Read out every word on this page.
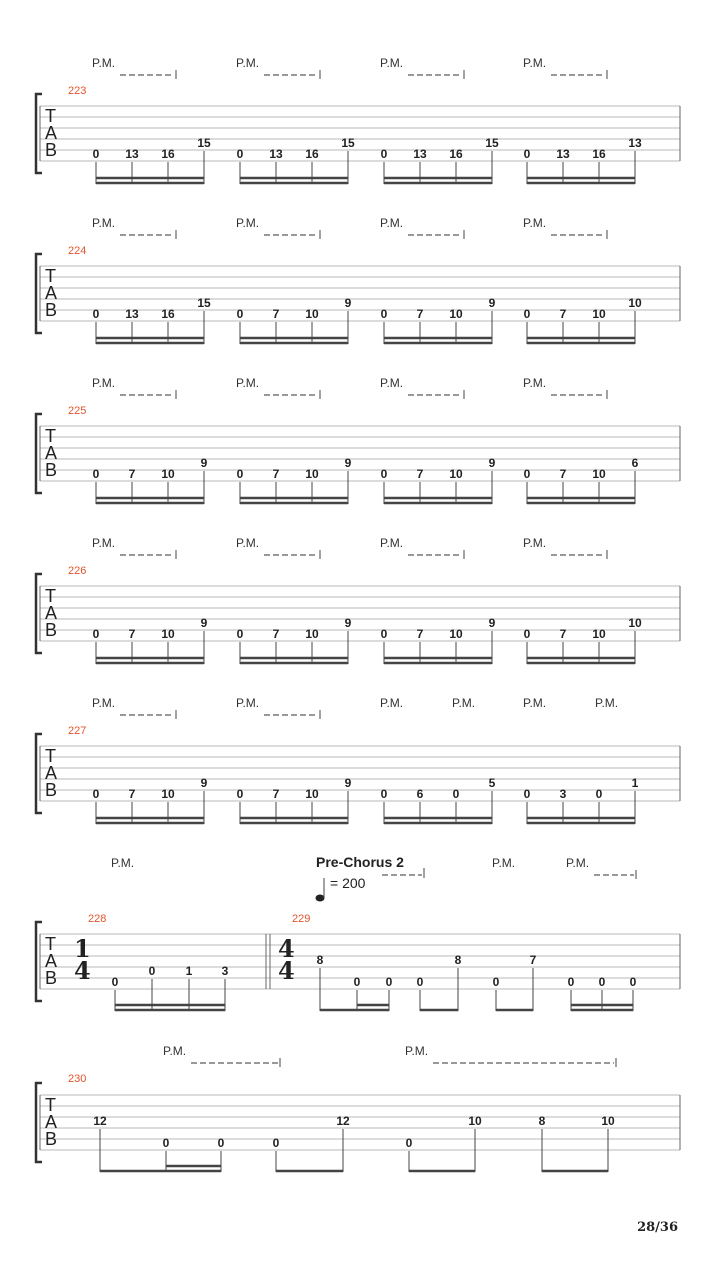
P.M.	P.M.	P.M.	P.M.
223
T
A
B	0 13 16
15
0 13 16
15
0 13 16
15
0 13 16
13
P.M.	P.M.	P.M.	P.M.
224
T
A
B	0 13 16
15
0 7 10
9
0 7 10
9
0 7 10
10
P.M.	P.M.	P.M.	P.M.
225
T
A
B	0 7 10
9
0 7 10
9
0 7 10
9
0 7 10
6
P.M.	P.M.	P.M.	P.M.
226
T
A
B	0 7 10
9
0 7 10
9
0 7 10
9
0 7 10
10
P.M.	P.M.	P.M.	P.M.	P.M.	P.M.
227
T
A
B	0 7 10
9
0 7 10
9
0 6 0
5
0 3 0
1
P.M.	Pre-Chorus 2	P.M.	P.M.
= 200
T
A
B
228	229
1
4
4
4
0
0	1 3
8
0 0 0
8
0
7
0 0 0
P.M.	P.M.
230
T
A
B
12
0	0	0
12
0
10	8	10
28/36
